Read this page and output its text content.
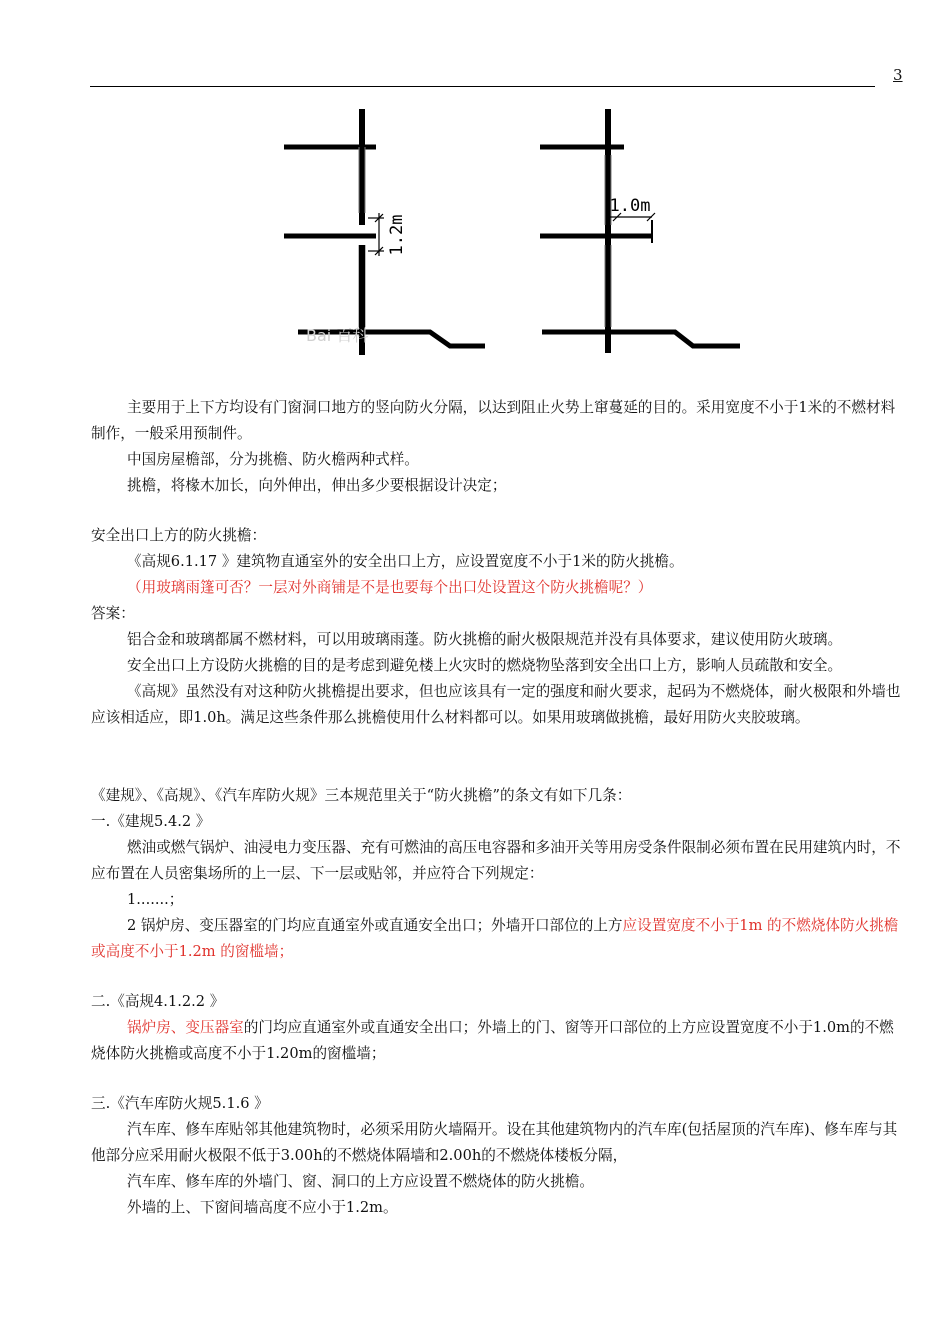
3
1.2m
Bai 百科
1.0m

主要用于上下方均设有门窗洞口地方的竖向防火分隔，以达到阻止火势上窜蔓延的目的。采用宽度不小于1米的不燃材料制作，一般采用预制件。

中国房屋檐部，分为挑檐、防火檐两种式样。

挑檐，将椽木加长，向外伸出，伸出多少要根据设计决定；

安全出口上方的防火挑檐：

《高规6.1.17 》建筑物直通室外的安全出口上方，应设置宽度不小于1米的防火挑檐。

（用玻璃雨篷可否？一层对外商铺是不是也要每个出口处设置这个防火挑檐呢？）

答案：

铝合金和玻璃都属不燃材料，可以用玻璃雨蓬。防火挑檐的耐火极限规范并没有具体要求，建议使用防火玻璃。

安全出口上方设防火挑檐的目的是考虑到避免楼上火灾时的燃烧物坠落到安全出口上方，影响人员疏散和安全。

《高规》虽然没有对这种防火挑檐提出要求，但也应该具有一定的强度和耐火要求，起码为不燃烧体，耐火极限和外墙也应该相适应，即1.0h。满足这些条件那么挑檐使用什么材料都可以。如果用玻璃做挑檐，最好用防火夹胶玻璃。

《建规》、《高规》、《汽车库防火规》三本规范里关于“防火挑檐”的条文有如下几条：

一.《建规5.4.2 》

燃油或燃气锅炉、油浸电力变压器、充有可燃油的高压电容器和多油开关等用房受条件限制必须布置在民用建筑内时，不应布置在人员密集场所的上一层、下一层或贴邻，并应符合下列规定：

1.......；

2 锅炉房、变压器室的门均应直通室外或直通安全出口；外墙开口部位的上方应设置宽度不小于1m 的不燃烧体防火挑檐或高度不小于1.2m 的窗槛墙；

二.《高规4.1.2.2 》

锅炉房、变压器室的门均应直通室外或直通安全出口；外墙上的门、窗等开口部位的上方应设置宽度不小于1.0m的不燃烧体防火挑檐或高度不小于1.20m的窗槛墙；

三.《汽车库防火规5.1.6 》

汽车库、修车库贴邻其他建筑物时，必须采用防火墙隔开。设在其他建筑物内的汽车库(包括屋顶的汽车库)、修车库与其他部分应采用耐火极限不低于3.00h的不燃烧体隔墙和2.00h的不燃烧体楼板分隔，

汽车库、修车库的外墙门、窗、洞口的上方应设置不燃烧体的防火挑檐。

外墙的上、下窗间墙高度不应小于1.2m。
